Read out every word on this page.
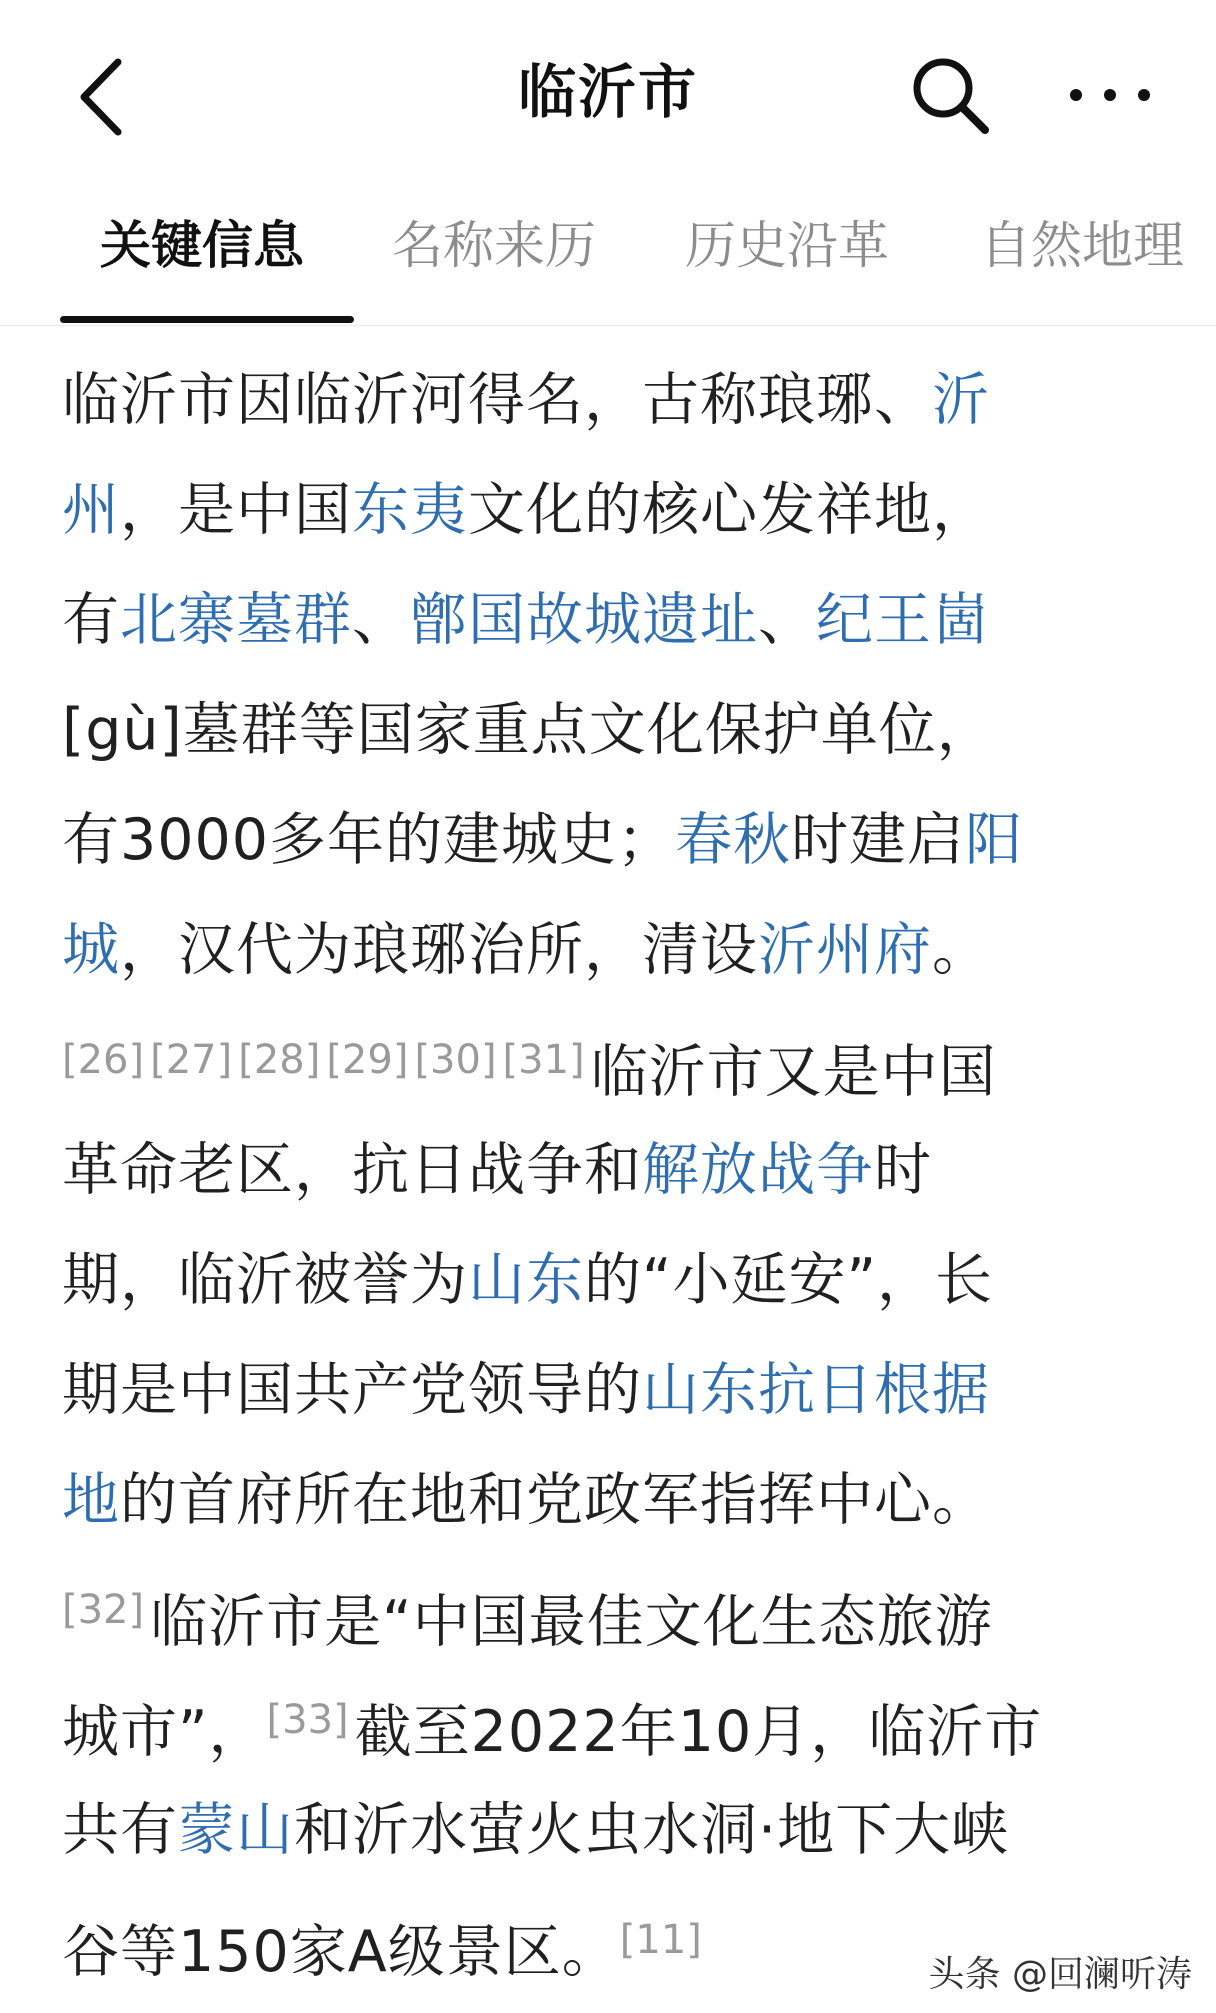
临沂市
关键信息 名称来历 历史沿革 自然地理
临沂市因临沂河得名，古称琅琊、沂
州，是中国东夷文化的核心发祥地，
有北寨墓群、鄫国故城遗址、纪王崮
[gù]墓群等国家重点文化保护单位，
有3000多年的建城史；春秋时建启阳
城，汉代为琅琊治所，清设沂州府。
[26] [27] [28] [29] [30] [31] 临沂市又是中国
革命老区，抗日战争和解放战争时
期，临沂被誉为山东的“小延安”，长
期是中国共产党领导的山东抗日根据
地的首府所在地和党政军指挥中心。
[32] 临沂市是“中国最佳文化生态旅游
城市”，[33] 截至2022年10月，临沂市
共有蒙山和沂水萤火虫水洞·地下大峡
谷等150家A级景区。[11]
头条 @回澜听涛
